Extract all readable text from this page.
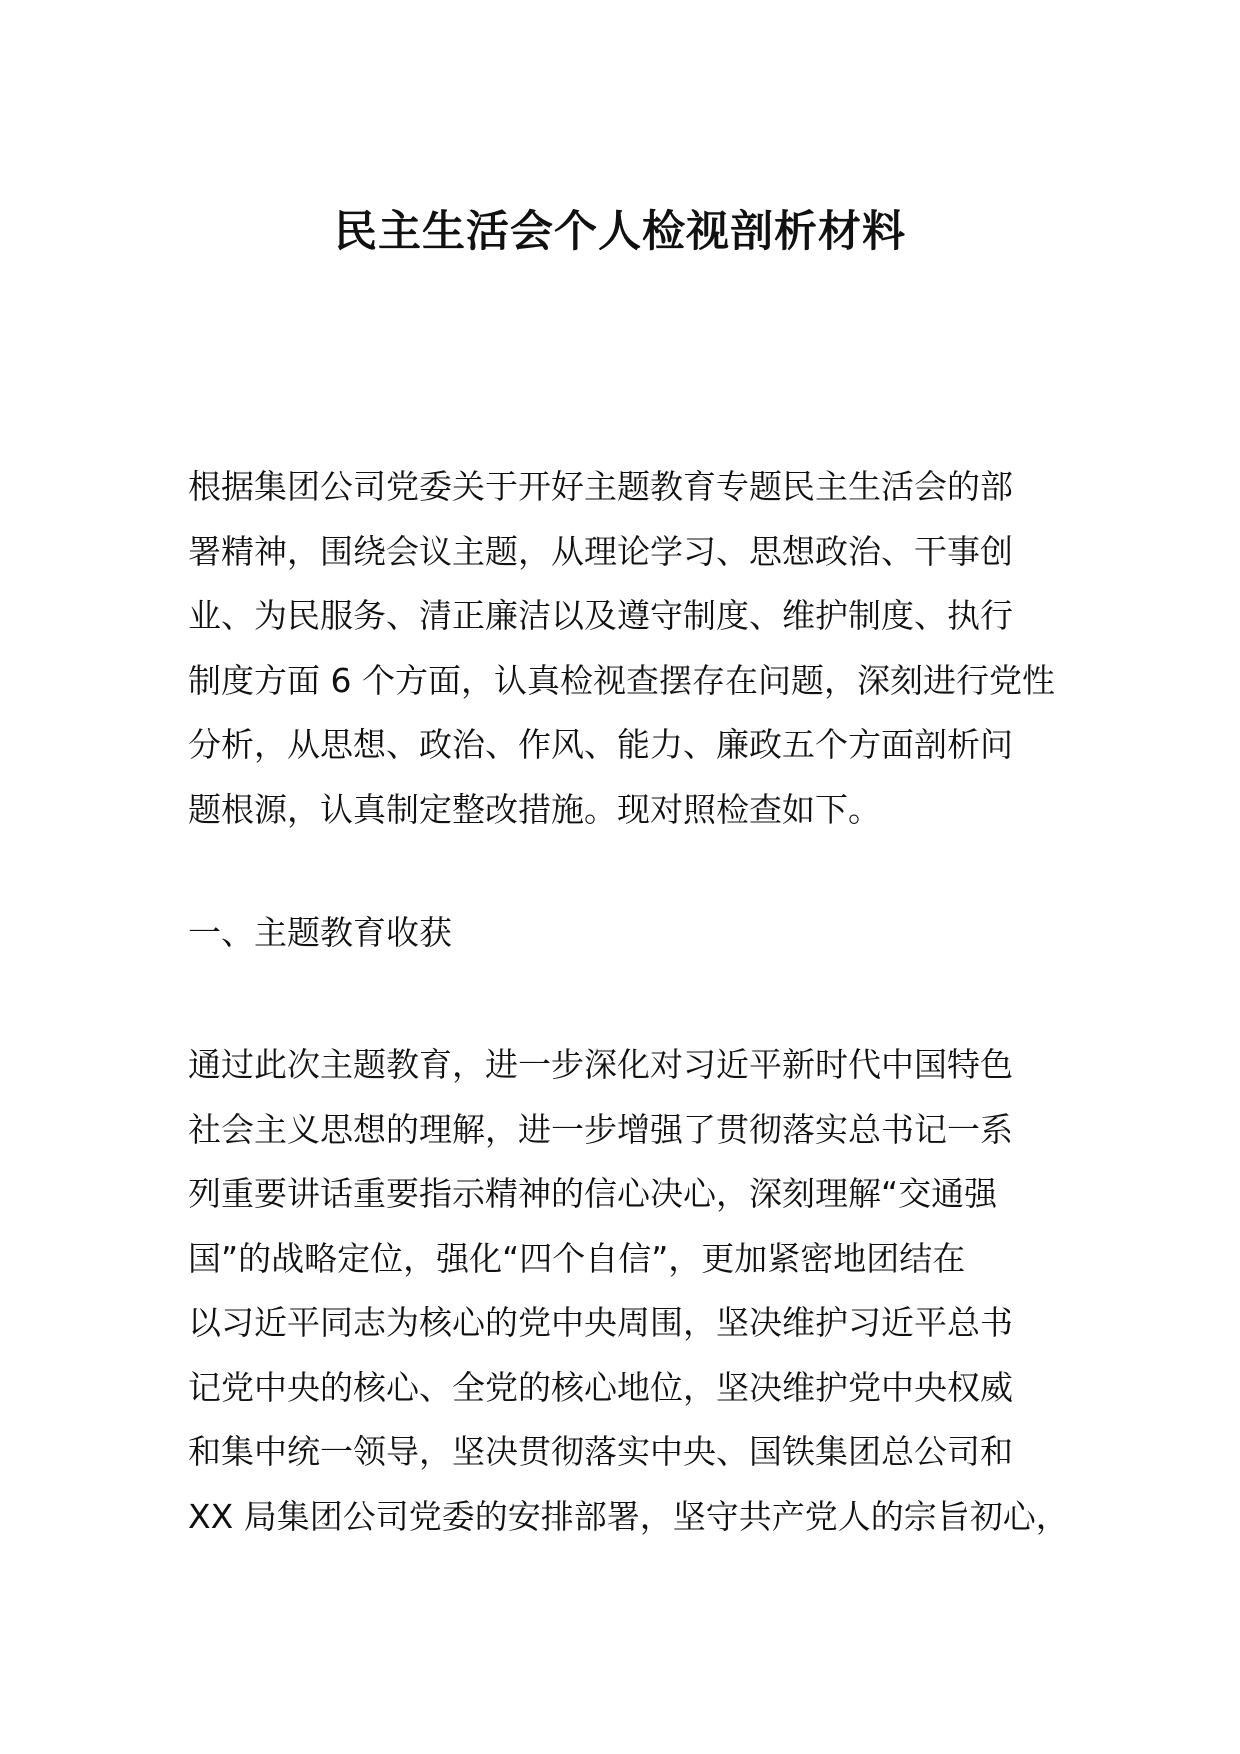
民主生活会个人检视剖析材料

根据集团公司党委关于开好主题教育专题民主生活会的部
署精神，围绕会议主题，从理论学习、思想政治、干事创
业、为民服务、清正廉洁以及遵守制度、维护制度、执行
制度方面 6 个方面，认真检视查摆存在问题，深刻进行党性
分析，从思想、政治、作风、能力、廉政五个方面剖析问
题根源，认真制定整改措施。现对照检查如下。

一、主题教育收获

通过此次主题教育，进一步深化对习近平新时代中国特色
社会主义思想的理解，进一步增强了贯彻落实总书记一系
列重要讲话重要指示精神的信心决心，深刻理解“交通强
国”的战略定位，强化“四个自信”，更加紧密地团结在
以习近平同志为核心的党中央周围，坚决维护习近平总书
记党中央的核心、全党的核心地位，坚决维护党中央权威
和集中统一领导，坚决贯彻落实中央、国铁集团总公司和
XX 局集团公司党委的安排部署，坚守共产党人的宗旨初心，
